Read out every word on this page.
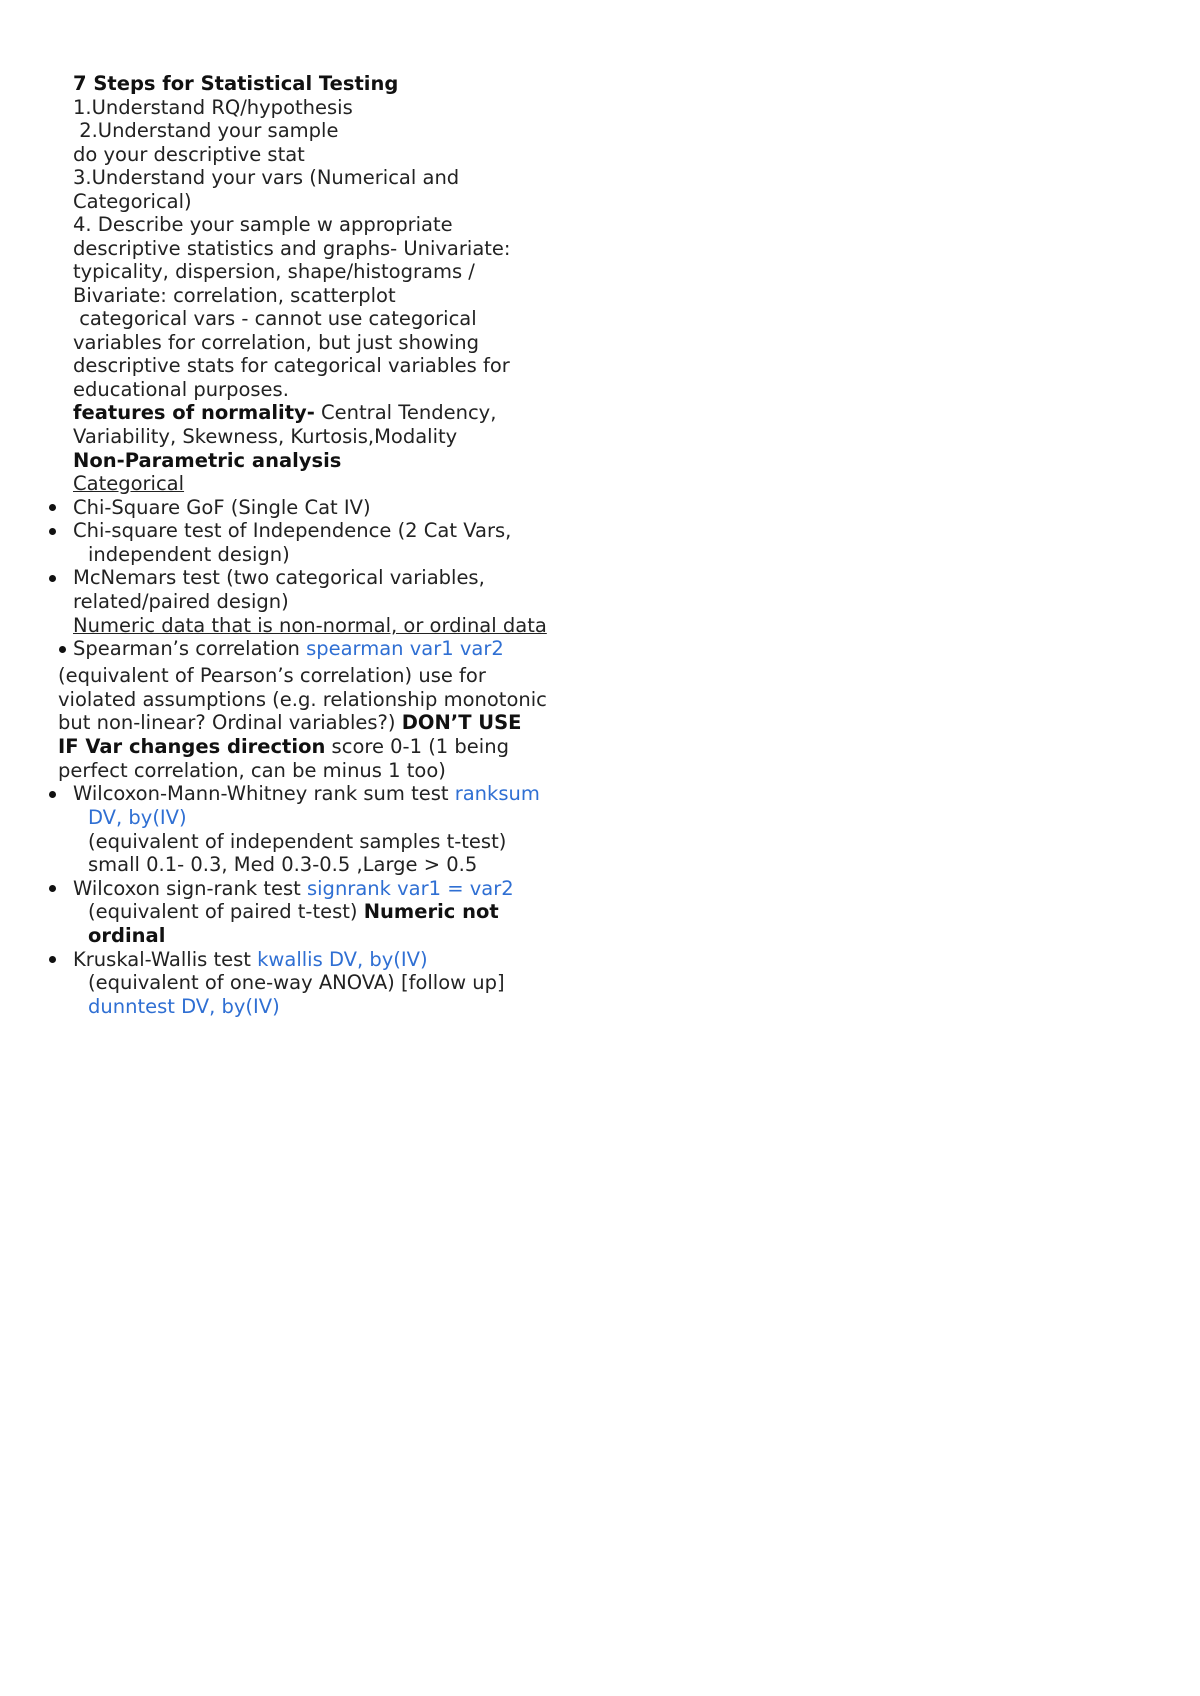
7 Steps for Statistical Testing
1.Understand RQ/hypothesis
2.Understand your sample
do your descriptive stat
3.Understand your vars (Numerical and
Categorical)
4. Describe your sample w appropriate
descriptive statistics and graphs- Univariate:
typicality, dispersion, shape/histograms /
Bivariate: correlation, scatterplot
categorical vars - cannot use categorical
variables for correlation, but just showing
descriptive stats for categorical variables for
educational purposes.
features of normality- Central Tendency,
Variability, Skewness, Kurtosis,Modality
Non-Parametric analysis
Categorical
Chi-Square GoF (Single Cat IV)
Chi-square test of Independence (2 Cat Vars,
independent design)
McNemars test (two categorical variables,
related/paired design)
Numeric data that is non-normal, or ordinal data
Spearman’s correlation spearman var1 var2
(equivalent of Pearson’s correlation) use for
violated assumptions (e.g. relationship monotonic
but non-linear? Ordinal variables?) DON’T USE
IF Var changes direction score 0-1 (1 being
perfect correlation, can be minus 1 too)
Wilcoxon-Mann-Whitney rank sum test ranksum
DV, by(IV)
(equivalent of independent samples t-test)
small 0.1- 0.3, Med 0.3-0.5 ,Large > 0.5
Wilcoxon sign-rank test signrank var1 = var2
(equivalent of paired t-test) Numeric not
ordinal
Kruskal-Wallis test kwallis DV, by(IV)
(equivalent of one-way ANOVA) [follow up]
dunntest DV, by(IV)
